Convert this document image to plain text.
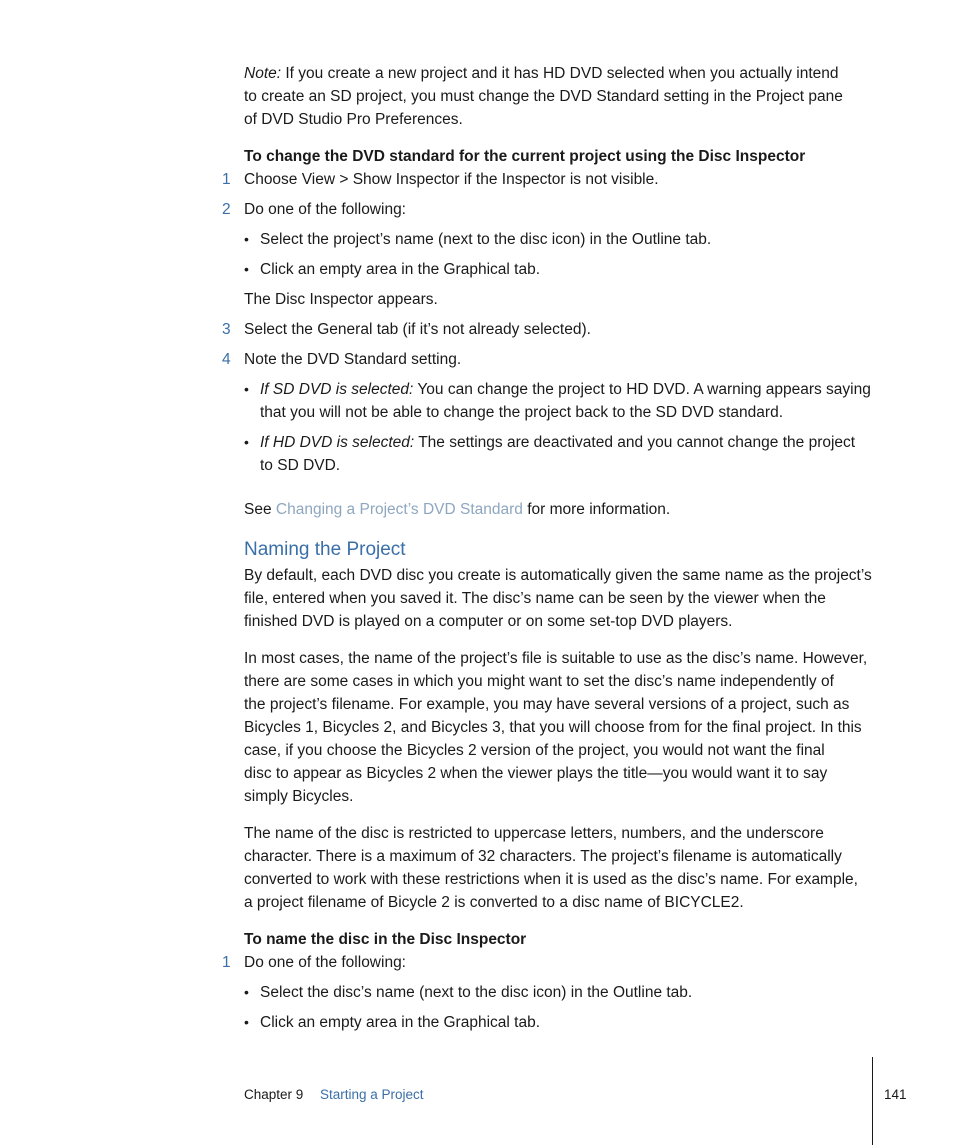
Note: If you create a new project and it has HD DVD selected when you actually intend
to create an SD project, you must change the DVD Standard setting in the Project pane
of DVD Studio Pro Preferences.
To change the DVD standard for the current project using the Disc Inspector
1 Choose View > Show Inspector if the Inspector is not visible.
2 Do one of the following:
• Select the project’s name (next to the disc icon) in the Outline tab.
• Click an empty area in the Graphical tab.
The Disc Inspector appears.
3 Select the General tab (if it’s not already selected).
4 Note the DVD Standard setting.
• If SD DVD is selected: You can change the project to HD DVD. A warning appears saying
that you will not be able to change the project back to the SD DVD standard.
• If HD DVD is selected: The settings are deactivated and you cannot change the project
to SD DVD.
See Changing a Project’s DVD Standard for more information.
Naming the Project
By default, each DVD disc you create is automatically given the same name as the project’s
file, entered when you saved it. The disc’s name can be seen by the viewer when the
finished DVD is played on a computer or on some set-top DVD players.
In most cases, the name of the project’s file is suitable to use as the disc’s name. However,
there are some cases in which you might want to set the disc’s name independently of
the project’s filename. For example, you may have several versions of a project, such as
Bicycles 1, Bicycles 2, and Bicycles 3, that you will choose from for the final project. In this
case, if you choose the Bicycles 2 version of the project, you would not want the final
disc to appear as Bicycles 2 when the viewer plays the title—you would want it to say
simply Bicycles.
The name of the disc is restricted to uppercase letters, numbers, and the underscore
character. There is a maximum of 32 characters. The project’s filename is automatically
converted to work with these restrictions when it is used as the disc’s name. For example,
a project filename of Bicycle 2 is converted to a disc name of BICYCLE2.
To name the disc in the Disc Inspector
1 Do one of the following:
• Select the disc’s name (next to the disc icon) in the Outline tab.
• Click an empty area in the Graphical tab.
Chapter 9 Starting a Project	141
